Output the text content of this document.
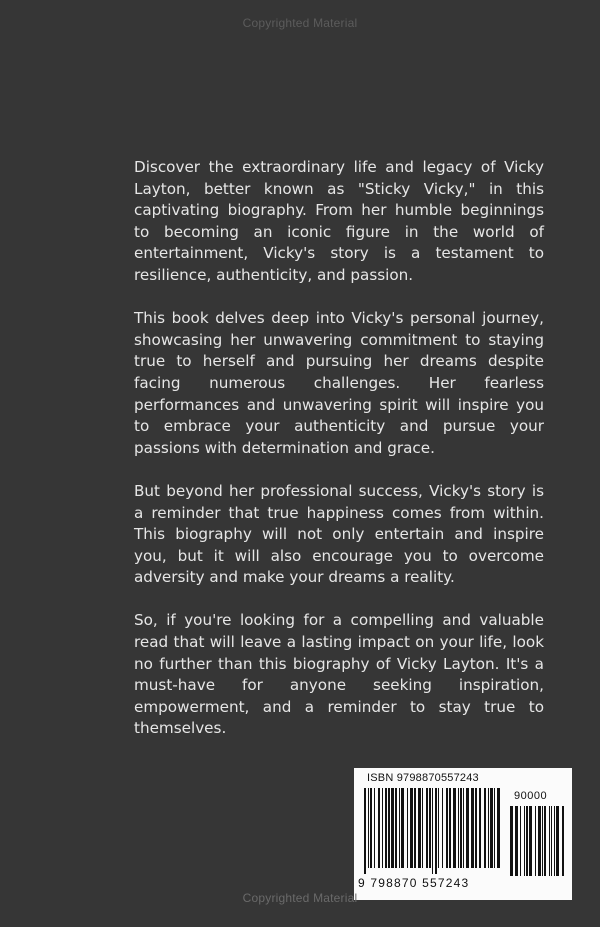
Copyrighted Material

Discover the extraordinary life and legacy of Vicky Layton, better known as "Sticky Vicky," in this captivating biography. From her humble beginnings to becoming an iconic figure in the world of entertainment, Vicky's story is a testament to resilience, authenticity, and passion.

This book delves deep into Vicky's personal journey, showcasing her unwavering commitment to staying true to herself and pursuing her dreams despite facing numerous challenges. Her fearless performances and unwavering spirit will inspire you to embrace your authenticity and pursue your passions with determination and grace.

But beyond her professional success, Vicky's story is a reminder that true happiness comes from within. This biography will not only entertain and inspire you, but it will also encourage you to overcome adversity and make your dreams a reality.

So, if you're looking for a compelling and valuable read that will leave a lasting impact on your life, look no further than this biography of Vicky Layton. It's a must-have for anyone seeking inspiration, empowerment, and a reminder to stay true to themselves.

ISBN 9798870557243
90000
9 798870 557243
Copyrighted Material
